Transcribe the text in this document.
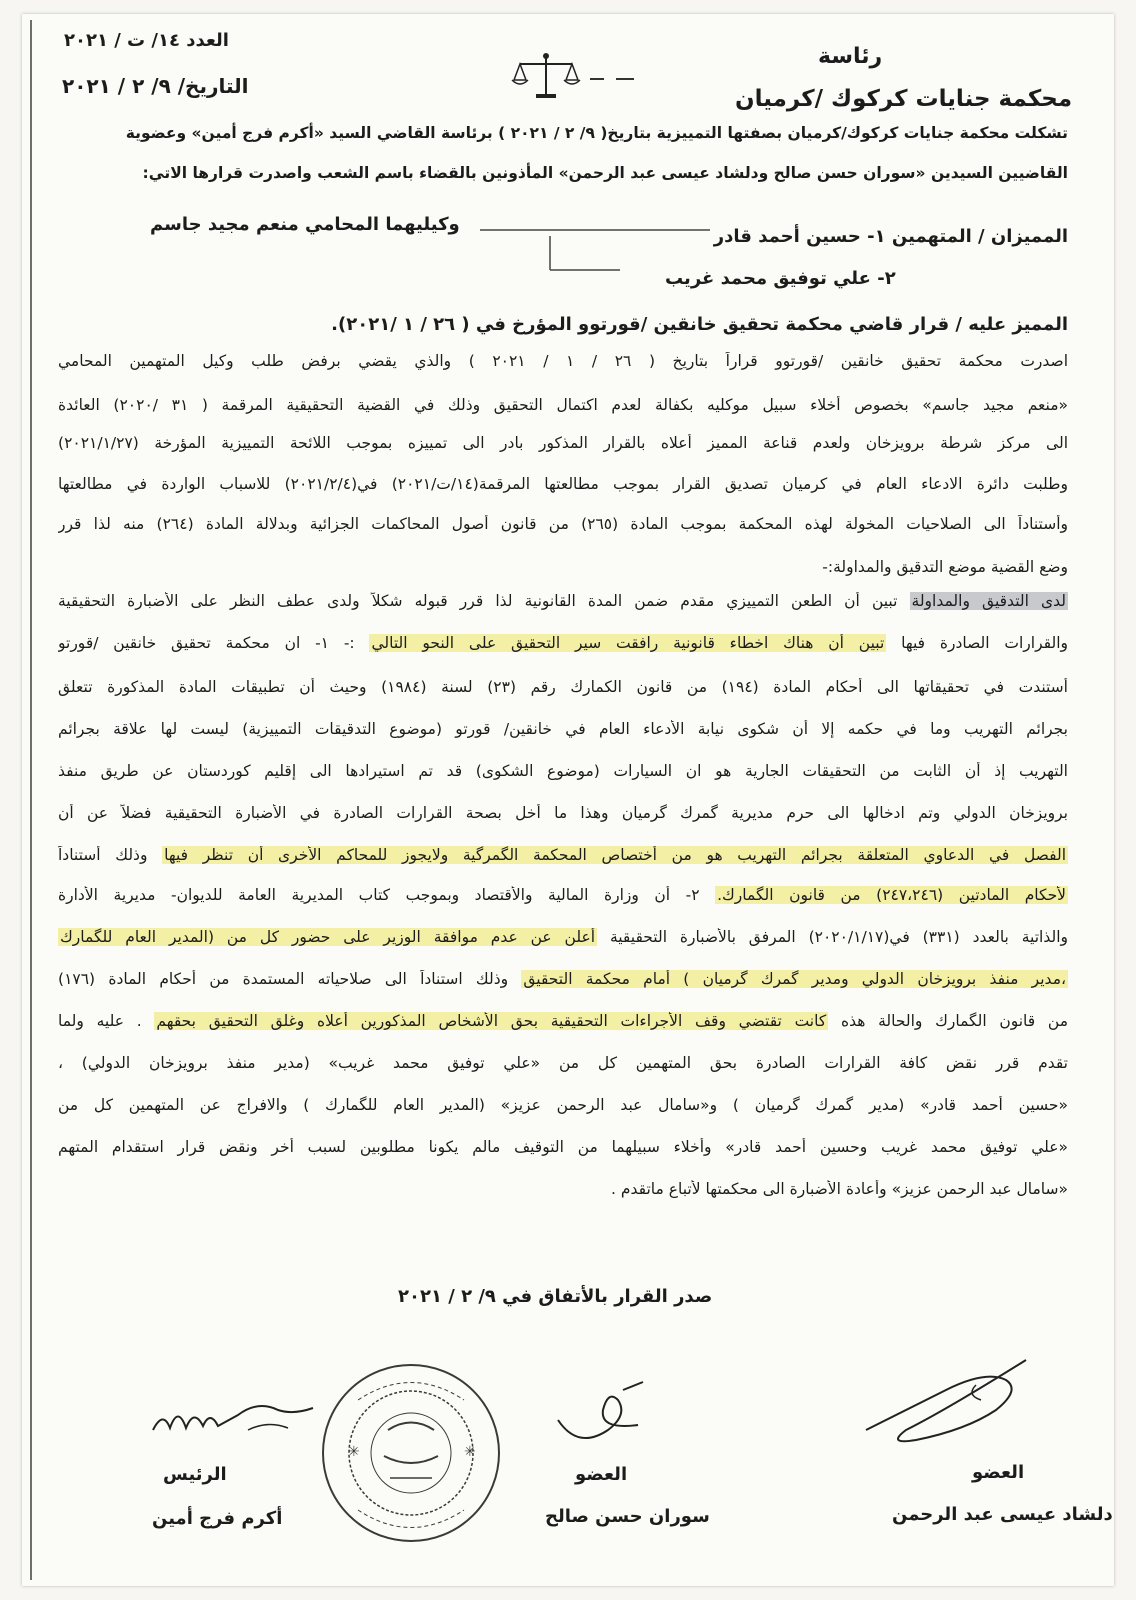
العدد ١٤/ ت / ٢٠٢١
التاريخ/ ٩/ ٢ / ٢٠٢١
رئاسة
محكمة جنايات كركوك /كرميان
تشكلت محكمة جنايات كركوك/كرميان بصفتها التمييزية بتاريخ( ٩/ ٢ / ٢٠٢١ ) برئاسة القاضي السيد «أكرم فرج أمين» وعضوية
القاضيين السيدين «سوران حسن صالح ودلشاد عيسى عبد الرحمن» المأذونين بالقضاء باسم الشعب واصدرت قرارها الاتي:
المميزان / المتهمين ١- حسين أحمد قادر
وكيليهما المحامي منعم مجيد جاسم
٢- علي توفيق محمد غريب
المميز عليه / قرار قاضي محكمة تحقيق خانقين /قورتوو المؤرخ في ( ٢٦ / ١ /٢٠٢١).
اصدرت محكمة تحقيق خانقين /قورتوو قراراً بتاريخ ( ٢٦ / ١ / ٢٠٢١ ) والذي يقضي برفض طلب وكيل المتهمين المحامي
«منعم مجيد جاسم» بخصوص أخلاء سبيل موكليه بكفالة لعدم اكتمال التحقيق وذلك في القضية التحقيقية المرقمة ( ٣١ /٢٠٢٠) العائدة
الى مركز شرطة برويزخان ولعدم قناعة المميز أعلاه بالقرار المذكور بادر الى تمييزه بموجب اللائحة التمييزية المؤرخة (٢٠٢١/١/٢٧)
وطلبت دائرة الادعاء العام في كرميان تصديق القرار بموجب مطالعتها المرقمة(١٤/ت/٢٠٢١) في(٢٠٢١/٢/٤) للاسباب الواردة في مطالعتها
وأستناداً الى الصلاحيات المخولة لهذه المحكمة بموجب المادة (٢٦٥) من قانون أصول المحاكمات الجزائية وبدلالة المادة (٢٦٤) منه لذا قرر
وضع القضية موضع التدقيق والمداولة:-
لدى التدقيق والمداولة تبين أن الطعن التمييزي مقدم ضمن المدة القانونية لذا قرر قبوله شكلاً ولدى عطف النظر على الأضبارة التحقيقية
والقرارات الصادرة فيها تبين أن هناك اخطاء قانونية رافقت سير التحقيق على النحو التالي :- ١- ان محكمة تحقيق خانقين /قورتو
أستندت في تحقيقاتها الى أحكام المادة (١٩٤) من قانون الكمارك رقم (٢٣) لسنة (١٩٨٤) وحيث أن تطبيقات المادة المذكورة تتعلق
بجرائم التهريب وما في حكمه إلا أن شكوى نيابة الأدعاء العام في خانقين/ قورتو (موضوع التدقيقات التمييزية) ليست لها علاقة بجرائم
التهريب إذ أن الثابت من التحقيقات الجارية هو ان السيارات (موضوع الشكوى) قد تم استيرادها الى إقليم كوردستان عن طريق منفذ
برويزخان الدولي وتم ادخالها الى حرم مديرية گمرك گرميان وهذا ما أخل بصحة القرارات الصادرة في الأضبارة التحقيقية فضلاً عن أن
الفصل في الدعاوي المتعلقة بجرائم التهريب هو من أختصاص المحكمة الگمرگية ولايجوز للمحاكم الأخرى أن تنظر فيها وذلك أستناداً
لأحكام المادتين (٢٤٧،٢٤٦) من قانون الگمارك. ٢- أن وزارة المالية والأقتصاد وبموجب كتاب المديرية العامة للديوان- مديرية الأدارة
والذاتية بالعدد (٣٣١) في(٢٠٢٠/١/١٧) المرفق بالأضبارة التحقيقية أعلن عن عدم موافقة الوزير على حضور كل من (المدير العام للگمارك
،مدير منفذ برويزخان الدولي ومدير گمرك گرميان ) أمام محكمة التحقيق وذلك استناداً الى صلاحياته المستمدة من أحكام المادة (١٧٦)
من قانون الگمارك والحالة هذه كانت تقتضي وقف الأجراءات التحقيقية بحق الأشخاص المذكورين أعلاه وغلق التحقيق بحقهم . عليه ولما
تقدم قرر نقض كافة القرارات الصادرة بحق المتهمين كل من «علي توفيق محمد غريب» (مدير منفذ برويزخان الدولي) ،
«حسين أحمد قادر» (مدير گمرك گرميان ) و«سامال عبد الرحمن عزيز» (المدير العام للگمارك ) والافراج عن المتهمين كل من
«علي توفيق محمد غريب وحسين أحمد قادر» وأخلاء سبيلهما من التوقيف مالم يكونا مطلوبين لسبب أخر ونقض قرار استقدام المتهم
«سامال عبد الرحمن عزيز» وأعادة الأضبارة الى محكمتها لأتباع ماتقدم .
صدر القرار بالأتفاق في ٩/ ٢ / ٢٠٢١
✳	✳
الرئيس
أكرم فرج أمين
العضو
سوران حسن صالح
العضو
دلشاد عيسى عبد الرحمن
